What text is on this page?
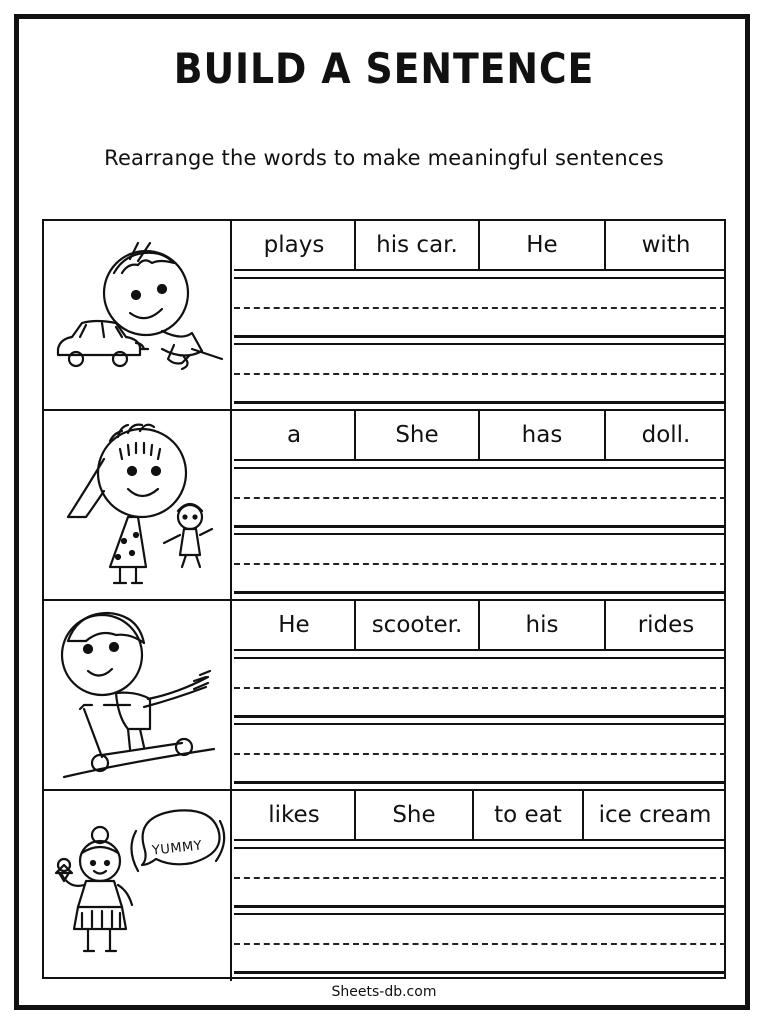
BUILD A SENTENCE

Rearrange the words to make meaningful sentences

plays	his car.	He	with
a	She	has	doll.
He	scooter.	his	rides
YUMMY
likes	She	to eat	ice cream
Sheets-db.com
